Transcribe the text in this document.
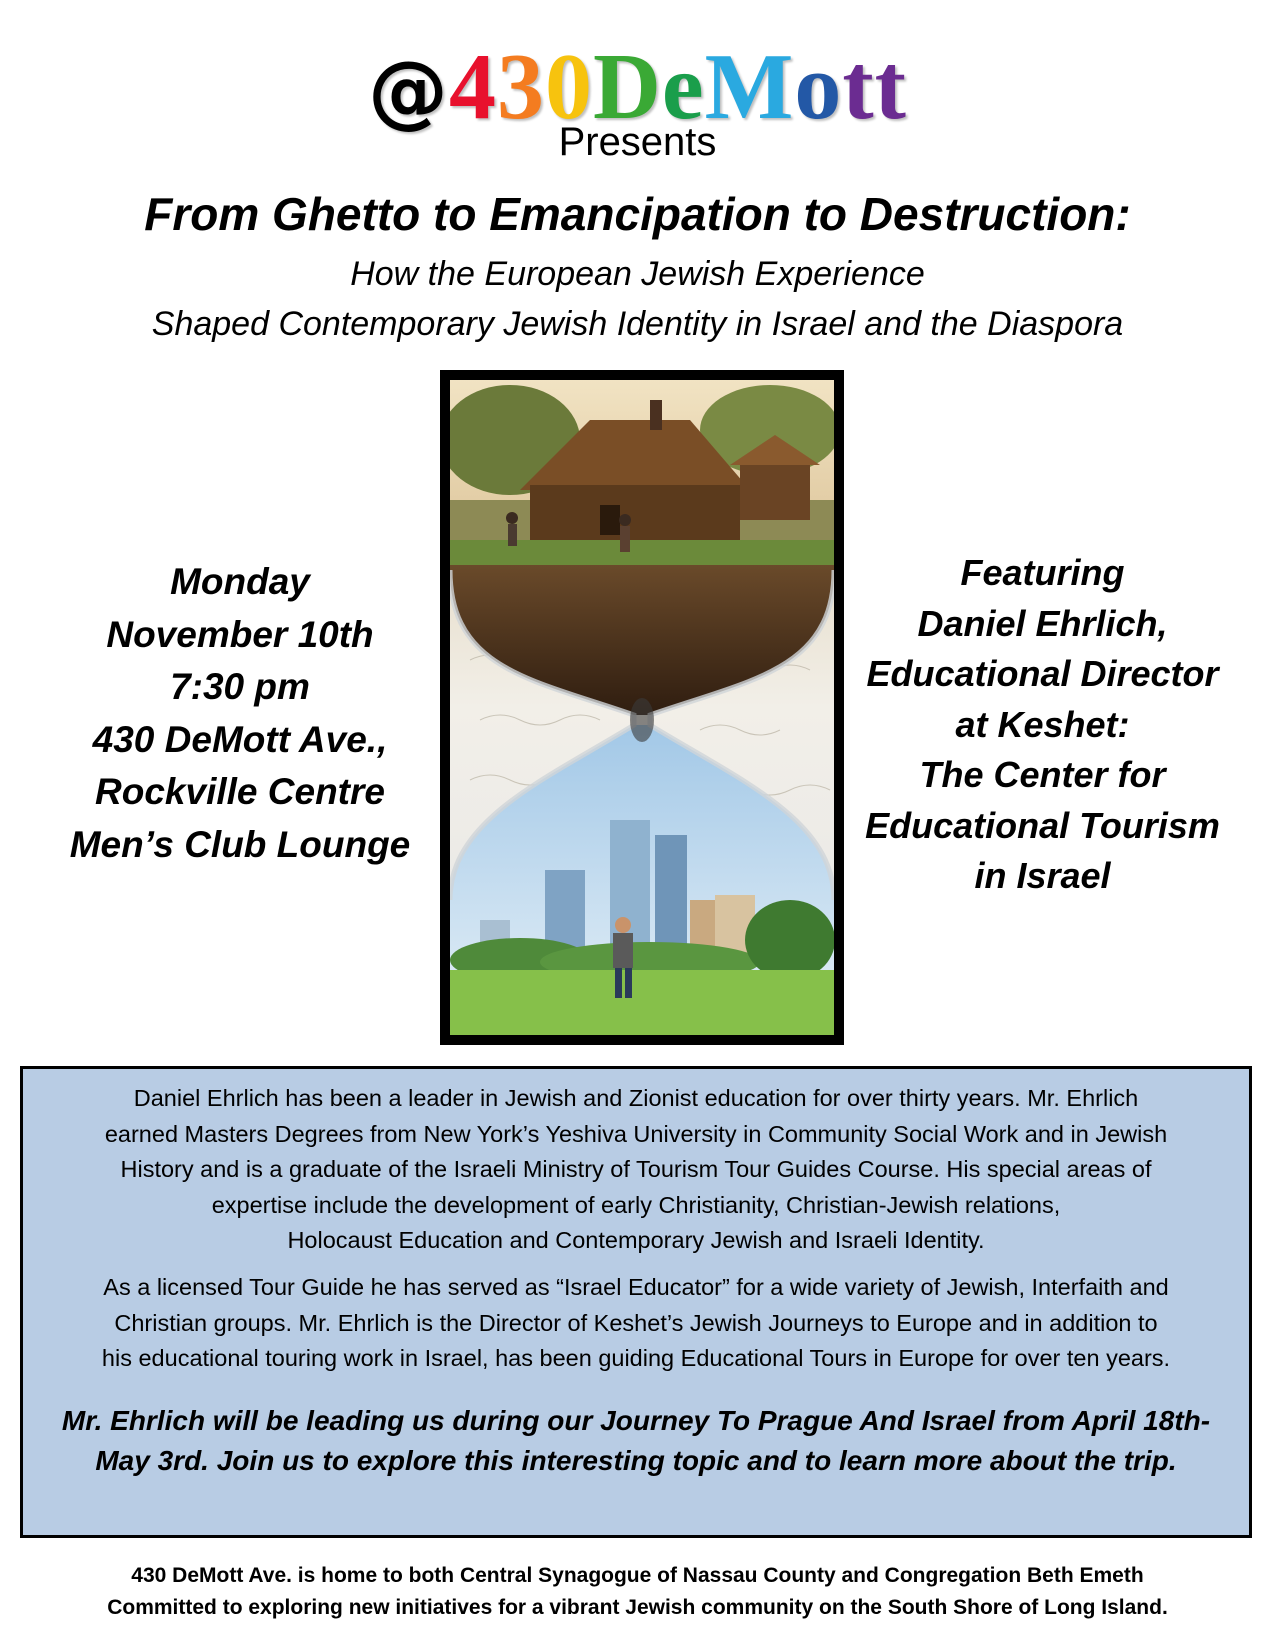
@430DeMott
Presents
From Ghetto to Emancipation to Destruction:
How the European Jewish Experience
Shaped Contemporary Jewish Identity in Israel and the Diaspora
Monday
November 10th
7:30 pm
430 DeMott Ave.,
Rockville Centre
Men’s Club Lounge
Featuring
Daniel Ehrlich,
Educational Director
at Keshet:
The Center for
Educational Tourism
in Israel
Daniel Ehrlich has been a leader in Jewish and Zionist education for over thirty years. Mr. Ehrlich
earned Masters Degrees from New York’s Yeshiva University in Community Social Work and in Jewish
History and is a graduate of the Israeli Ministry of Tourism Tour Guides Course. His special areas of
expertise include the development of early Christianity, Christian-Jewish relations,
Holocaust Education and Contemporary Jewish and Israeli Identity.
As a licensed Tour Guide he has served as “Israel Educator” for a wide variety of Jewish, Interfaith and
Christian groups. Mr. Ehrlich is the Director of Keshet’s Jewish Journeys to Europe and in addition to
his educational touring work in Israel, has been guiding Educational Tours in Europe for over ten years.
Mr. Ehrlich will be leading us during our Journey To Prague And Israel from April 18th-
May 3rd. Join us to explore this interesting topic and to learn more about the trip.
430 DeMott Ave. is home to both Central Synagogue of Nassau County and Congregation Beth Emeth
Committed to exploring new initiatives for a vibrant Jewish community on the South Shore of Long Island.
